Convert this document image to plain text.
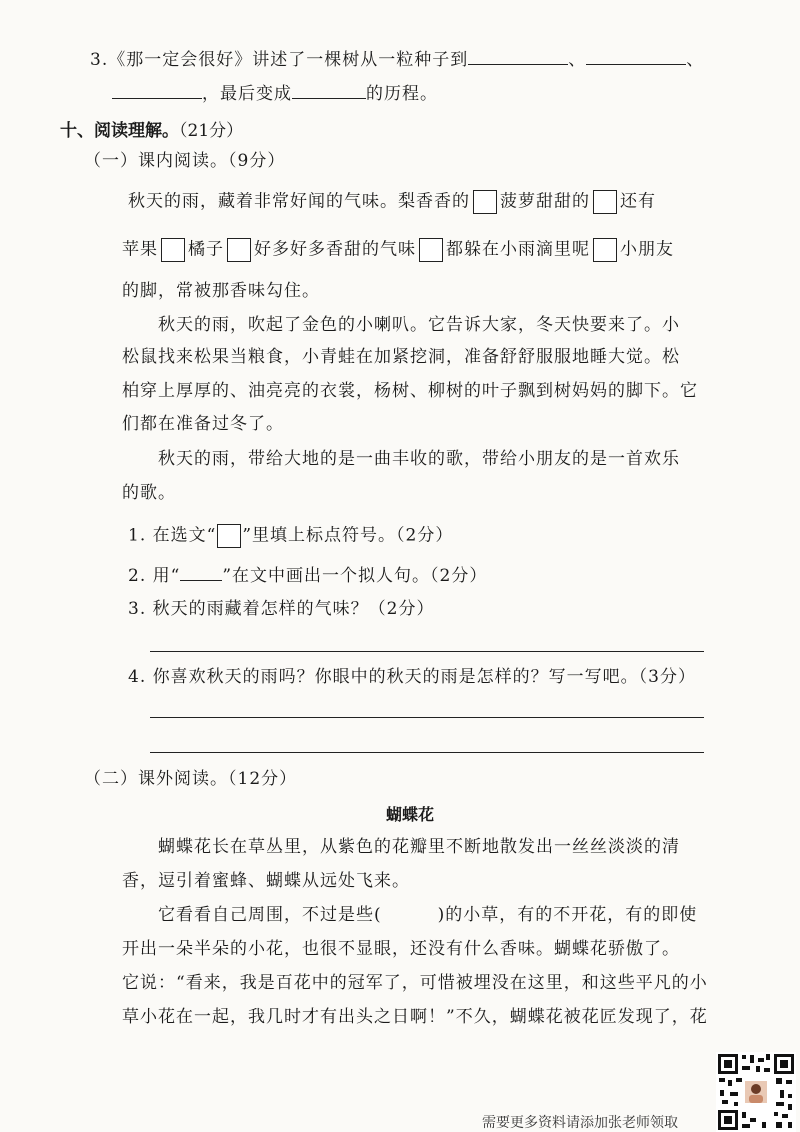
3.《那一定会很好》讲述了一棵树从一粒种子到	、	、
，最后变成	的历程。
十、阅读理解。（21分）
（一）课内阅读。（9分）
秋天的雨，藏着非常好闻的气味。梨香香的 菠萝甜甜的 还有
苹果 橘子 好多好多香甜的气味 都躲在小雨滴里呢 小朋友
的脚，常被那香味勾住。
秋天的雨，吹起了金色的小喇叭。它告诉大家，冬天快要来了。小
松鼠找来松果当粮食，小青蛙在加紧挖洞，准备舒舒服服地睡大觉。松
柏穿上厚厚的、油亮亮的衣裳，杨树、柳树的叶子飘到树妈妈的脚下。它
们都在准备过冬了。
秋天的雨，带给大地的是一曲丰收的歌，带给小朋友的是一首欢乐
的歌。
1. 在选文“ ”里填上标点符号。（2分）
2. 用“ ”在文中画出一个拟人句。（2分）
3. 秋天的雨藏着怎样的气味？（2分）
4. 你喜欢秋天的雨吗？你眼中的秋天的雨是怎样的？写一写吧。（3分）
（二）课外阅读。（12分）
蝴蝶花
蝴蝶花长在草丛里，从紫色的花瓣里不断地散发出一丝丝淡淡的清
香，逗引着蜜蜂、蝴蝶从远处飞来。
它看看自己周围，不过是些(	)的小草，有的不开花，有的即使
开出一朵半朵的小花，也很不显眼，还没有什么香味。蝴蝶花骄傲了。
它说：“看来，我是百花中的冠军了，可惜被埋没在这里，和这些平凡的小
草小花在一起，我几时才有出头之日啊！”不久，蝴蝶花被花匠发现了，花
需要更多资料请添加张老师领取
